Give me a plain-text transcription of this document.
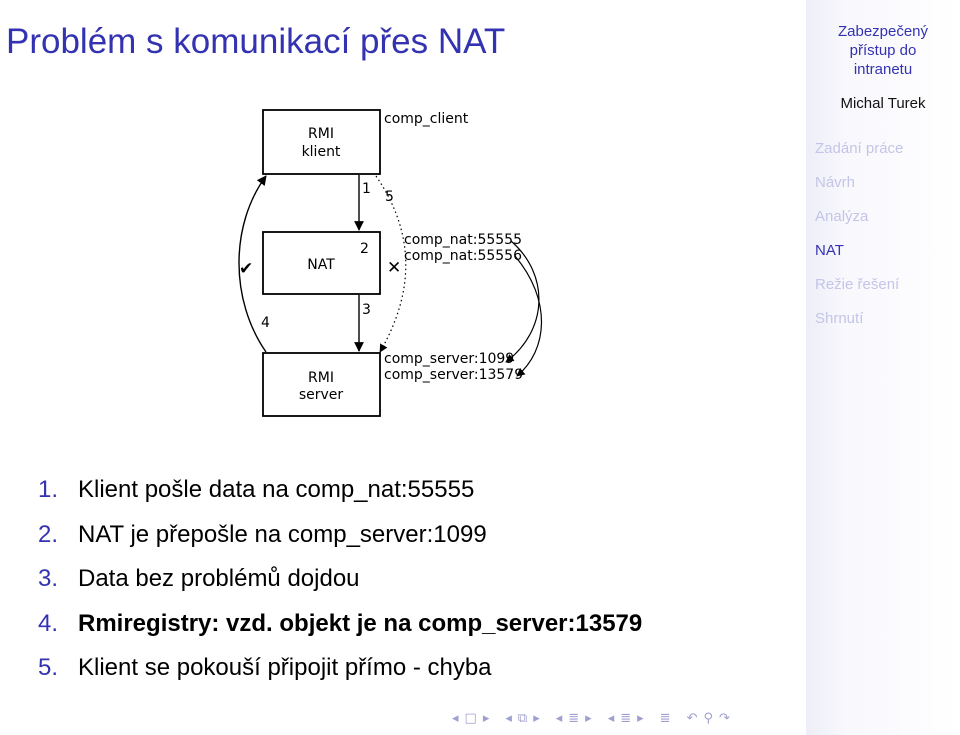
Problém s komunikací přes NAT	Zabezpečený
přístup do
intranetu
Michal Turek
Zadání práce
Návrh
Analýza
NAT
Režie řešení
Shrnutí
RMI
klient
NAT
RMI
server
comp_client
comp_nat:55555
comp_nat:55556
comp_server:1099
comp_server:13579
1
2
3
4
✔
5
✕
1. Klient pošle data na comp_nat:55555
2. NAT je přepošle na comp_server:1099
3. Data bez problémů dojdou
4. Rmiregistry: vzd. objekt je na comp_server:13579
5. Klient se pokouší připojit přímo - chyba
◂ □ ▸ ◂ ⧉ ▸ ◂ ≣ ▸ ◂ ≣ ▸ ≣ ↶ ⚲ ↷
